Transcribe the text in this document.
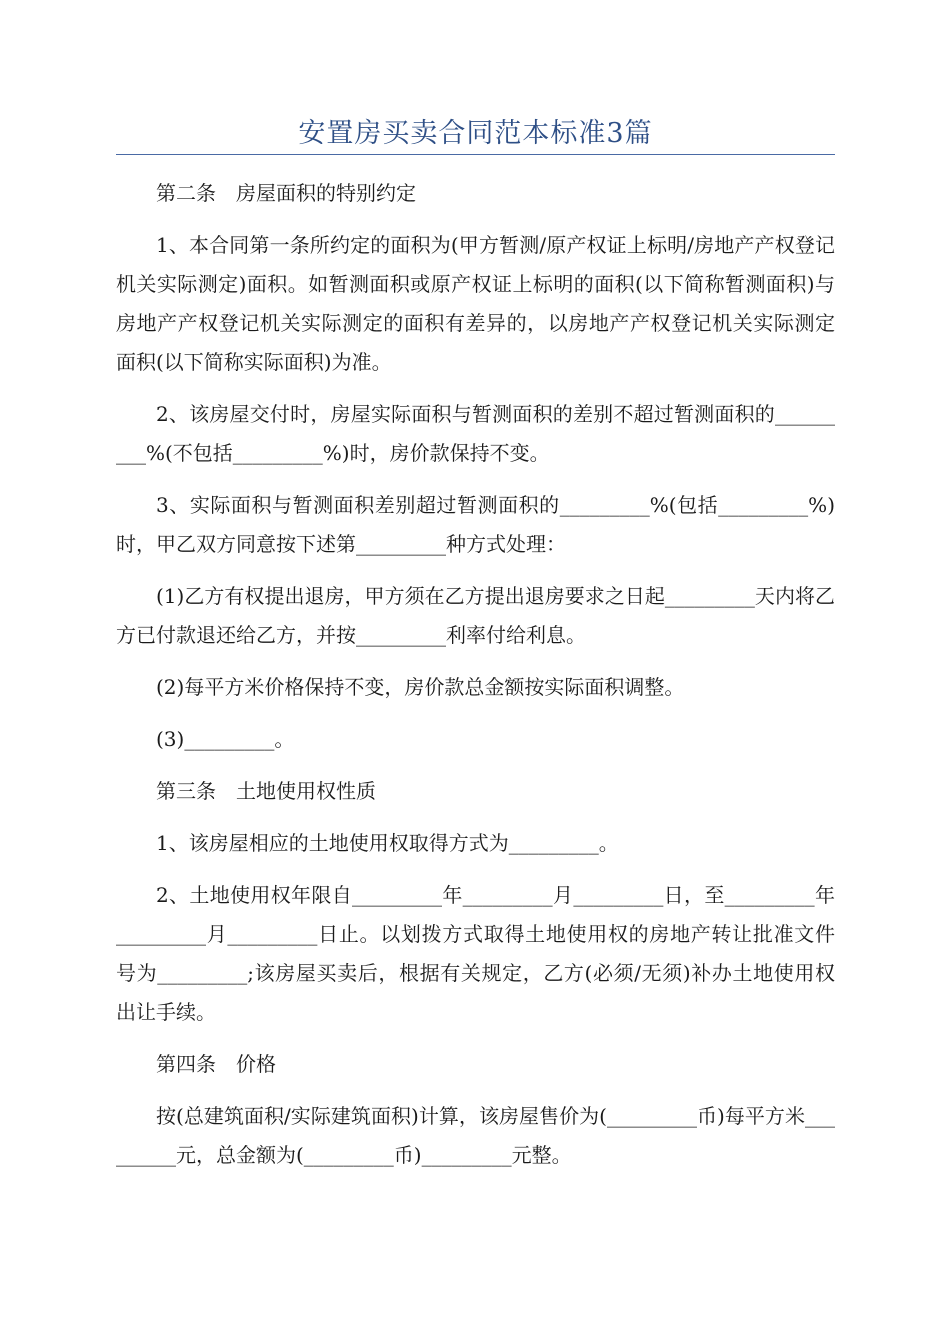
安置房买卖合同范本标准3篇

第二条　房屋面积的特别约定

1、本合同第一条所约定的面积为(甲方暂测/原产权证上标明/房地产产权登记机关实际测定)面积。如暂测面积或原产权证上标明的面积(以下简称暂测面积)与房地产产权登记机关实际测定的面积有差异的，以房地产产权登记机关实际测定面积(以下简称实际面积)为准。

2、该房屋交付时，房屋实际面积与暂测面积的差别不超过暂测面积的_________%(不包括_________%)时，房价款保持不变。

3、实际面积与暂测面积差别超过暂测面积的_________%(包括_________%)时，甲乙双方同意按下述第_________种方式处理：

(1)乙方有权提出退房，甲方须在乙方提出退房要求之日起_________天内将乙方已付款退还给乙方，并按_________利率付给利息。

(2)每平方米价格保持不变，房价款总金额按实际面积调整。

(3)_________。

第三条　土地使用权性质

1、该房屋相应的土地使用权取得方式为_________。

2、土地使用权年限自_________年_________月_________日，至_________年_________月_________日止。以划拨方式取得土地使用权的房地产转让批准文件号为_________;该房屋买卖后，根据有关规定，乙方(必须/无须)补办土地使用权出让手续。

第四条　价格

按(总建筑面积/实际建筑面积)计算，该房屋售价为(_________币)每平方米_________元，总金额为(_________币)_________元整。
